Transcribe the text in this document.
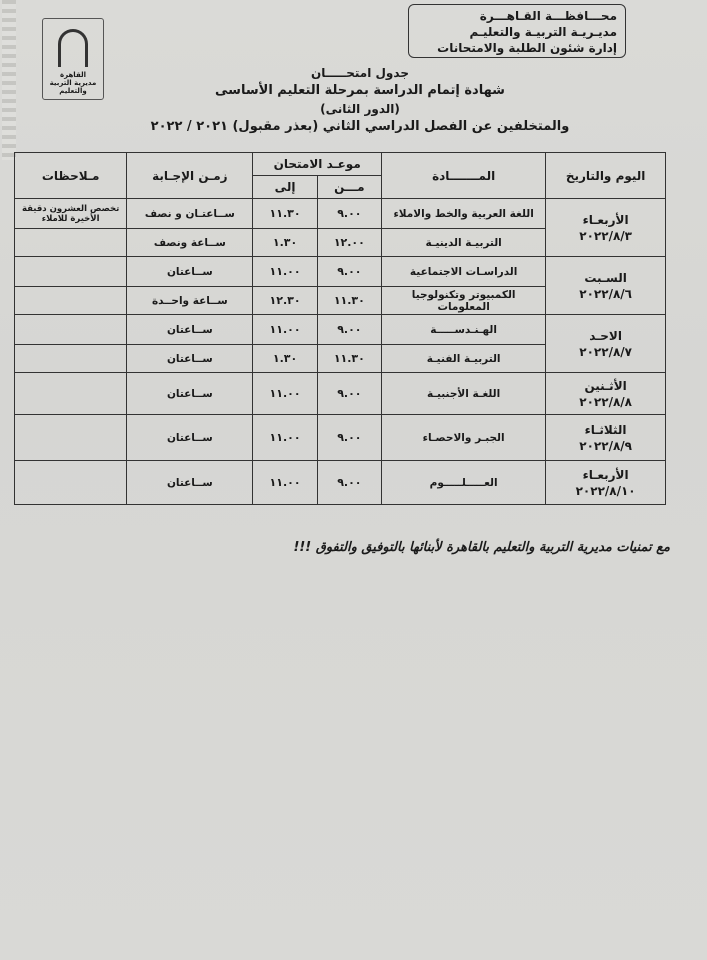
محـــافظـــة القـاهـــرة
مديـريـة التربيـة والتعليـم
إدارة شئون الطلبة والامتحانات
القاهرة
مديرية التربية والتعليم
جدول امتحـــــان
شهادة إتمام الدراسة بمرحلة التعليم الأساسى
(الدور الثانى)
والمتخلفين عن الفصل الدراسي الثاني (بعذر مقبول) ٢٠٢١ / ٢٠٢٢
اليوم والتاريخ	المـــــــادة	موعـد الامتحان		زمـن الإجـابة	مـلاحظات
		مـــن	إلى		

الأربعـاء
٢٠٢٢/٨/٣	اللغة العربية والخط والاملاء	٩.٠٠	١١.٣٠	ســاعتـان و نصف	تخصص العشرون دقيقة الأخيرة للاملاء
	التربيـة الدينيـة	١٢.٠٠	١.٣٠	ســاعة ونصف	

السـبت
٢٠٢٢/٨/٦	الدراسـات الاجتماعية	٩.٠٠	١١.٠٠	ســاعتان	
	الكمبيوتر وتكنولوجيا المعلومات	١١.٣٠	١٢.٣٠	ســاعة واحــدة	

الاحـد
٢٠٢٢/٨/٧	الهـنـدســـــة	٩.٠٠	١١.٠٠	ســاعتان	
	التربيـة الفنيـة	١١.٣٠	١.٣٠	ســاعتان	

الأثـنين
٢٠٢٢/٨/٨	اللغـة الأجنبيـة	٩.٠٠	١١.٠٠	ســاعتان	

الثلاثـاء
٢٠٢٢/٨/٩	الجبـر والاحصـاء	٩.٠٠	١١.٠٠	ســاعتان	

الأربعـاء
٢٠٢٢/٨/١٠	العـــــلـــــوم	٩.٠٠	١١.٠٠	ســاعتان	
مع تمنيات مديرية التربية والتعليم بالقاهرة لأبنائها بالتوفيق والتفوق !!!
